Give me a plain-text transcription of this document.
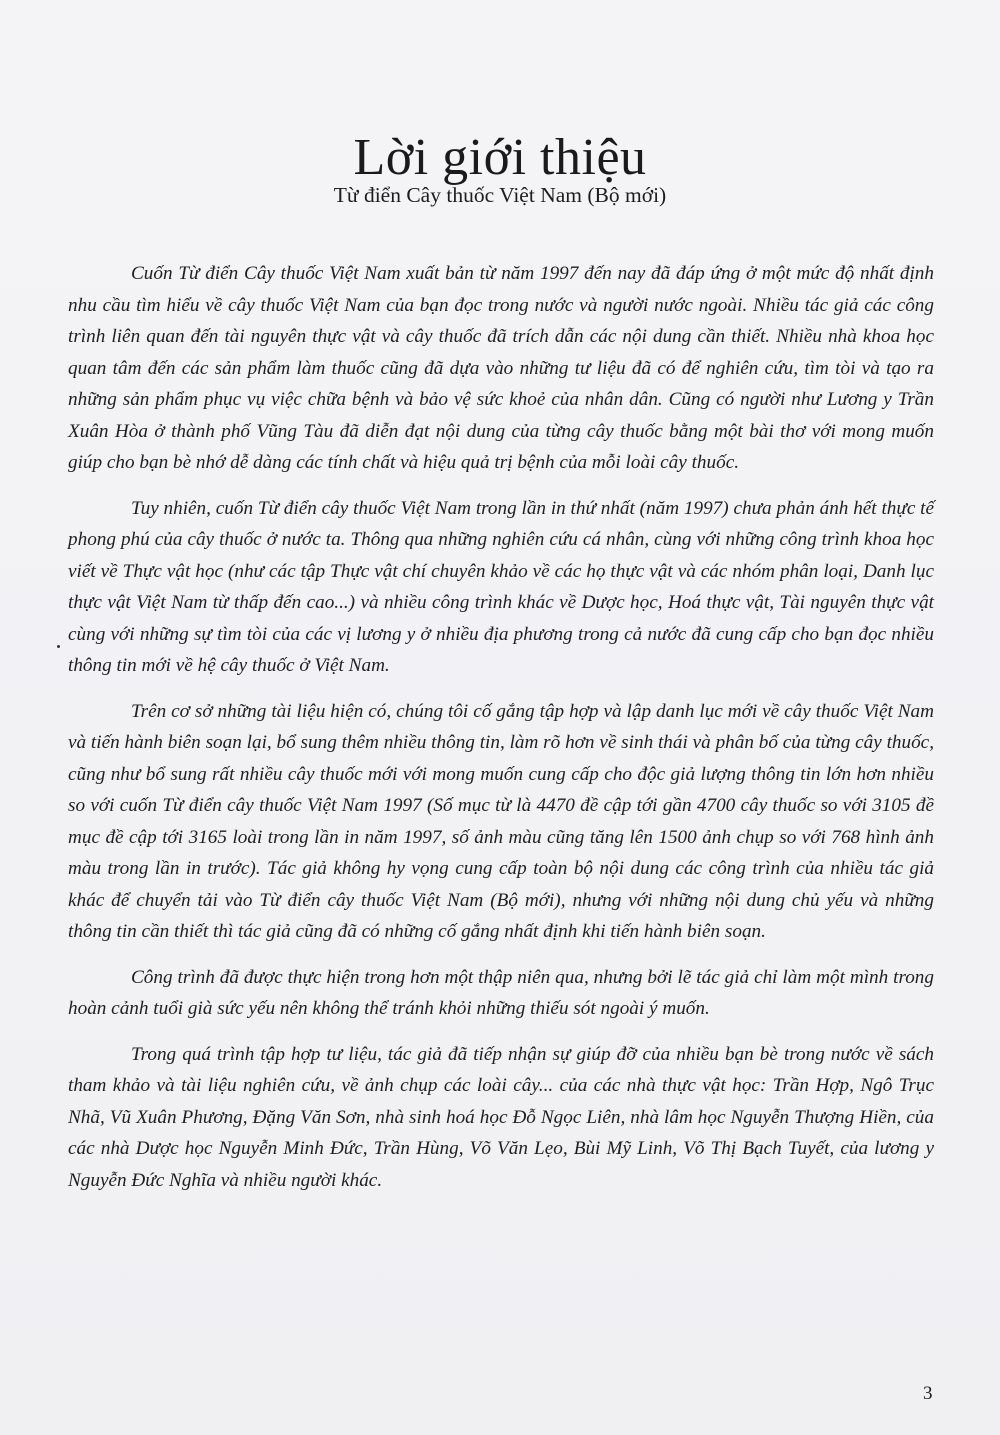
Lời giới thiệu
Từ điển Cây thuốc Việt Nam (Bộ mới)

Cuốn Từ điển Cây thuốc Việt Nam xuất bản từ năm 1997 đến nay đã đáp ứng ở một mức độ nhất định nhu cầu tìm hiểu về cây thuốc Việt Nam của bạn đọc trong nước và người nước ngoài. Nhiều tác giả các công trình liên quan đến tài nguyên thực vật và cây thuốc đã trích dẫn các nội dung cần thiết. Nhiều nhà khoa học quan tâm đến các sản phẩm làm thuốc cũng đã dựa vào những tư liệu đã có để nghiên cứu, tìm tòi và tạo ra những sản phẩm phục vụ việc chữa bệnh và bảo vệ sức khoẻ của nhân dân. Cũng có người như Lương y Trần Xuân Hòa ở thành phố Vũng Tàu đã diễn đạt nội dung của từng cây thuốc bằng một bài thơ với mong muốn giúp cho bạn bè nhớ dễ dàng các tính chất và hiệu quả trị bệnh của mỗi loài cây thuốc.

Tuy nhiên, cuốn Từ điển cây thuốc Việt Nam trong lần in thứ nhất (năm 1997) chưa phản ánh hết thực tế phong phú của cây thuốc ở nước ta. Thông qua những nghiên cứu cá nhân, cùng với những công trình khoa học viết về Thực vật học (như các tập Thực vật chí chuyên khảo về các họ thực vật và các nhóm phân loại, Danh lục thực vật Việt Nam từ thấp đến cao...) và nhiều công trình khác về Dược học, Hoá thực vật, Tài nguyên thực vật cùng với những sự tìm tòi của các vị lương y ở nhiều địa phương trong cả nước đã cung cấp cho bạn đọc nhiều thông tin mới về hệ cây thuốc ở Việt Nam.

Trên cơ sở những tài liệu hiện có, chúng tôi cố gắng tập hợp và lập danh lục mới về cây thuốc Việt Nam và tiến hành biên soạn lại, bổ sung thêm nhiều thông tin, làm rõ hơn về sinh thái và phân bố của từng cây thuốc, cũng như bổ sung rất nhiều cây thuốc mới với mong muốn cung cấp cho độc giả lượng thông tin lớn hơn nhiều so với cuốn Từ điển cây thuốc Việt Nam 1997 (Số mục từ là 4470 đề cập tới gần 4700 cây thuốc so với 3105 đề mục đề cập tới 3165 loài trong lần in năm 1997, số ảnh màu cũng tăng lên 1500 ảnh chụp so với 768 hình ảnh màu trong lần in trước). Tác giả không hy vọng cung cấp toàn bộ nội dung các công trình của nhiều tác giả khác để chuyển tải vào Từ điển cây thuốc Việt Nam (Bộ mới), nhưng với những nội dung chủ yếu và những thông tin cần thiết thì tác giả cũng đã có những cố gắng nhất định khi tiến hành biên soạn.

Công trình đã được thực hiện trong hơn một thập niên qua, nhưng bởi lẽ tác giả chỉ làm một mình trong hoàn cảnh tuổi già sức yếu nên không thể tránh khỏi những thiếu sót ngoài ý muốn.

Trong quá trình tập hợp tư liệu, tác giả đã tiếp nhận sự giúp đỡ của nhiều bạn bè trong nước về sách tham khảo và tài liệu nghiên cứu, về ảnh chụp các loài cây... của các nhà thực vật học: Trần Hợp, Ngô Trục Nhã, Vũ Xuân Phương, Đặng Văn Sơn, nhà sinh hoá học Đỗ Ngọc Liên, nhà lâm học Nguyễn Thượng Hiền, của các nhà Dược học Nguyễn Minh Đức, Trần Hùng, Võ Văn Lẹo, Bùi Mỹ Linh, Võ Thị Bạch Tuyết, của lương y Nguyễn Đức Nghĩa và nhiều người khác.

3
